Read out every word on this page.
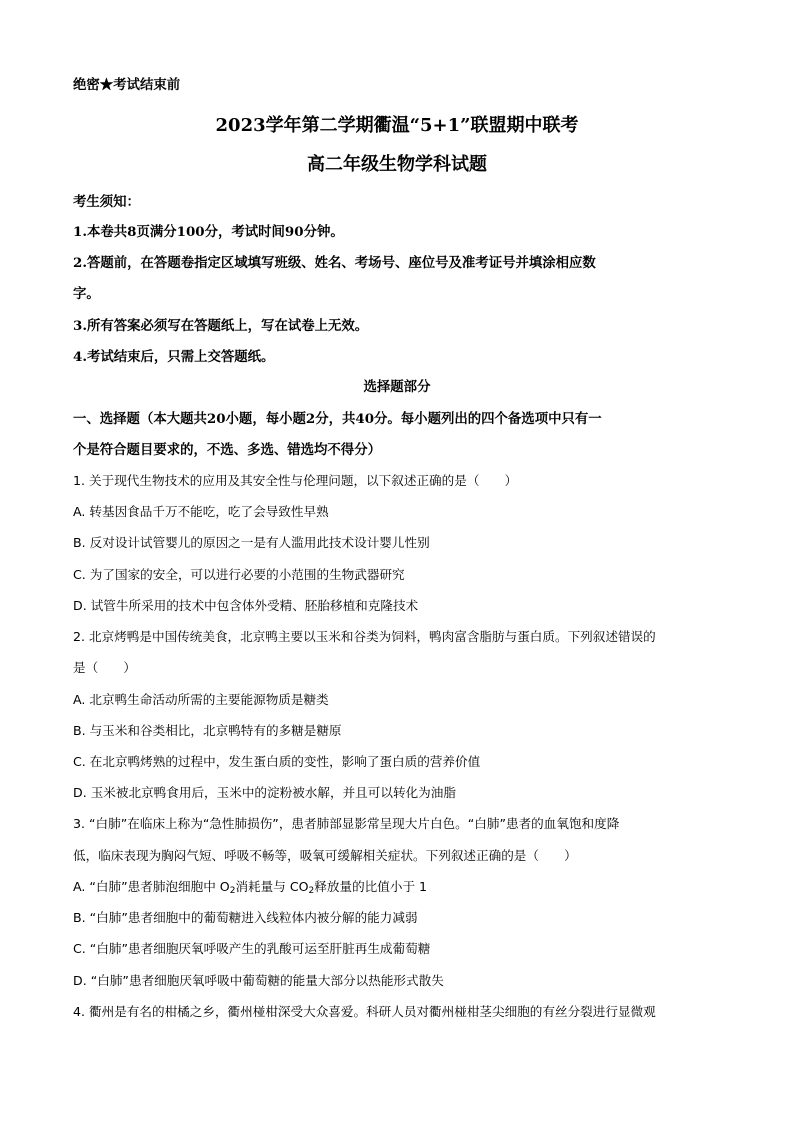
绝密★考试结束前
2023学年第二学期衢温“5+1”联盟期中联考
高二年级生物学科试题
考生须知：
1.本卷共8页满分100分，考试时间90分钟。
2.答题前，在答题卷指定区域填写班级、姓名、考场号、座位号及准考证号并填涂相应数
字。
3.所有答案必须写在答题纸上，写在试卷上无效。
4.考试结束后，只需上交答题纸。
选择题部分
一、选择题（本大题共20小题，每小题2分，共40分。每小题列出的四个备选项中只有一
个是符合题目要求的，不选、多选、错选均不得分）
1. 关于现代生物技术的应用及其安全性与伦理问题，以下叙述正确的是（　　）
A. 转基因食品千万不能吃，吃了会导致性早熟
B. 反对设计试管婴儿的原因之一是有人滥用此技术设计婴儿性别
C. 为了国家的安全，可以进行必要的小范围的生物武器研究
D. 试管牛所采用的技术中包含体外受精、胚胎移植和克隆技术
2. 北京烤鸭是中国传统美食，北京鸭主要以玉米和谷类为饲料，鸭肉富含脂肪与蛋白质。下列叙述错误的
是（　　）
A. 北京鸭生命活动所需的主要能源物质是糖类
B. 与玉米和谷类相比，北京鸭特有的多糖是糖原
C. 在北京鸭烤熟的过程中，发生蛋白质的变性，影响了蛋白质的营养价值
D. 玉米被北京鸭食用后，玉米中的淀粉被水解，并且可以转化为油脂
3. “白肺”在临床上称为“急性肺损伤”，患者肺部显影常呈现大片白色。“白肺”患者的血氧饱和度降
低，临床表现为胸闷气短、呼吸不畅等，吸氧可缓解相关症状。下列叙述正确的是（　　）
A. “白肺”患者肺泡细胞中 $O_2$消耗量与 $CO_2$释放量的比值小于 1
B. “白肺”患者细胞中的葡萄糖进入线粒体内被分解的能力减弱
C. “白肺”患者细胞厌氧呼吸产生的乳酸可运至肝脏再生成葡萄糖
D. “白肺”患者细胞厌氧呼吸中葡萄糖的能量大部分以热能形式散失
4. 衢州是有名的柑橘之乡，衢州椪柑深受大众喜爱。科研人员对衢州椪柑茎尖细胞的有丝分裂进行显微观
